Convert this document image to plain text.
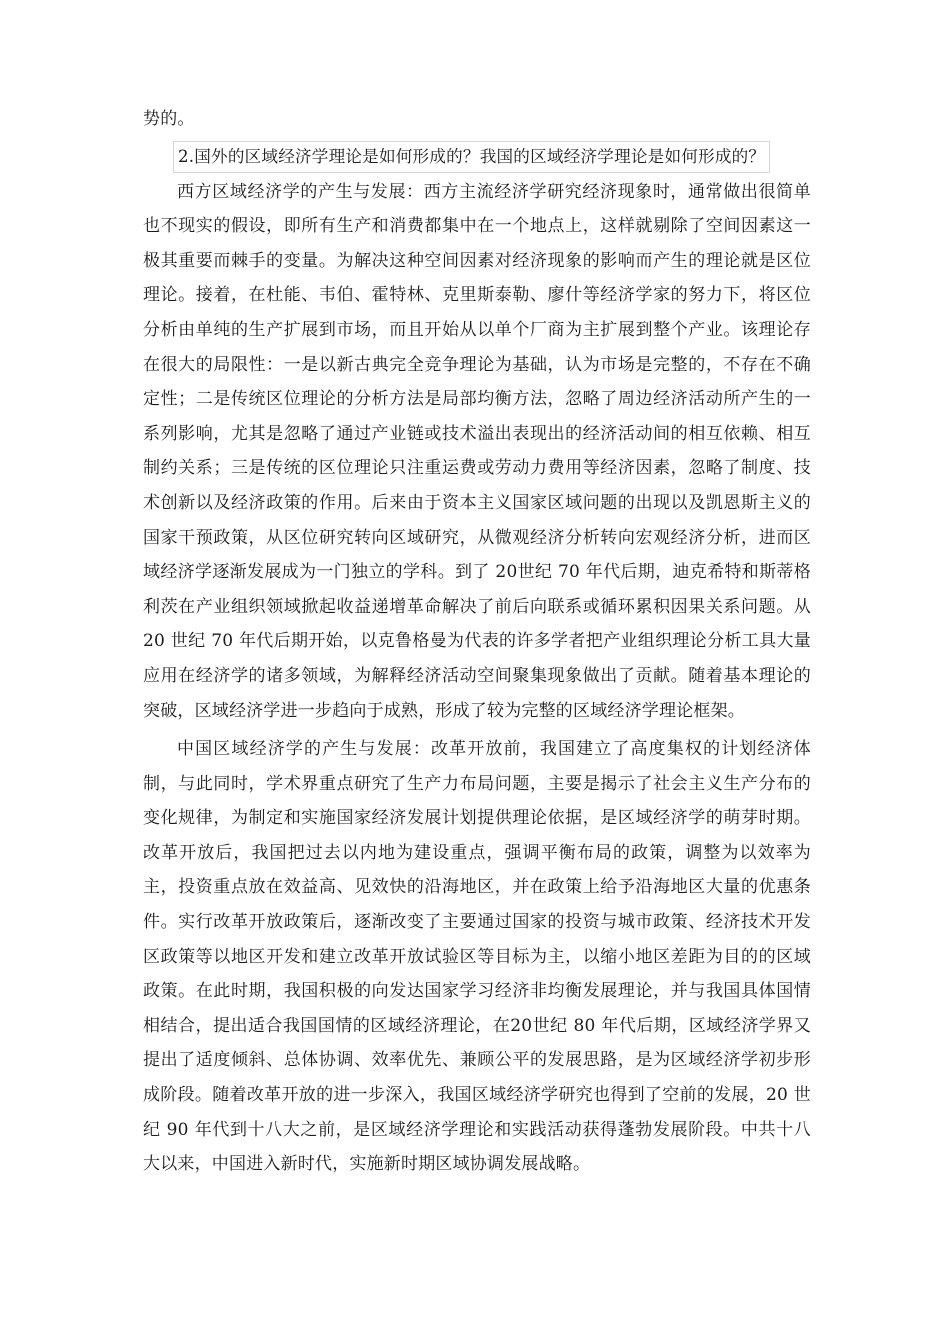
势的。

2.国外的区域经济学理论是如何形成的？我国的区域经济学理论是如何形成的？

西方区域经济学的产生与发展：西方主流经济学研究经济现象时，通常做出很简单也不现实的假设，即所有生产和消费都集中在一个地点上，这样就剔除了空间因素这一极其重要而棘手的变量。为解决这种空间因素对经济现象的影响而产生的理论就是区位理论。接着，在杜能、韦伯、霍特林、克里斯泰勒、廖什等经济学家的努力下，将区位分析由单纯的生产扩展到市场，而且开始从以单个厂商为主扩展到整个产业。该理论存在很大的局限性：一是以新古典完全竞争理论为基础，认为市场是完整的，不存在不确定性；二是传统区位理论的分析方法是局部均衡方法，忽略了周边经济活动所产生的一系列影响，尤其是忽略了通过产业链或技术溢出表现出的经济活动间的相互依赖、相互制约关系；三是传统的区位理论只注重运费或劳动力费用等经济因素，忽略了制度、技术创新以及经济政策的作用。后来由于资本主义国家区域问题的出现以及凯恩斯主义的国家干预政策，从区位研究转向区域研究，从微观经济分析转向宏观经济分析，进而区域经济学逐渐发展成为一门独立的学科。到了 20世纪 70 年代后期，迪克希特和斯蒂格利茨在产业组织领域掀起收益递增革命解决了前后向联系或循环累积因果关系问题。从 20 世纪 70 年代后期开始，以克鲁格曼为代表的许多学者把产业组织理论分析工具大量应用在经济学的诸多领域，为解释经济活动空间聚集现象做出了贡献。随着基本理论的突破，区域经济学进一步趋向于成熟，形成了较为完整的区域经济学理论框架。

中国区域经济学的产生与发展：改革开放前，我国建立了高度集权的计划经济体制，与此同时，学术界重点研究了生产力布局问题，主要是揭示了社会主义生产分布的变化规律，为制定和实施国家经济发展计划提供理论依据，是区域经济学的萌芽时期。改革开放后，我国把过去以内地为建设重点，强调平衡布局的政策，调整为以效率为主，投资重点放在效益高、见效快的沿海地区，并在政策上给予沿海地区大量的优惠条件。实行改革开放政策后，逐渐改变了主要通过国家的投资与城市政策、经济技术开发区政策等以地区开发和建立改革开放试验区等目标为主，以缩小地区差距为目的的区域政策。在此时期，我国积极的向发达国家学习经济非均衡发展理论，并与我国具体国情相结合，提出适合我国国情的区域经济理论，在20世纪 80 年代后期，区域经济学界又提出了适度倾斜、总体协调、效率优先、兼顾公平的发展思路，是为区域经济学初步形成阶段。随着改革开放的进一步深入，我国区域经济学研究也得到了空前的发展，20 世纪 90 年代到十八大之前，是区域经济学理论和实践活动获得蓬勃发展阶段。中共十八大以来，中国进入新时代，实施新时期区域协调发展战略。
